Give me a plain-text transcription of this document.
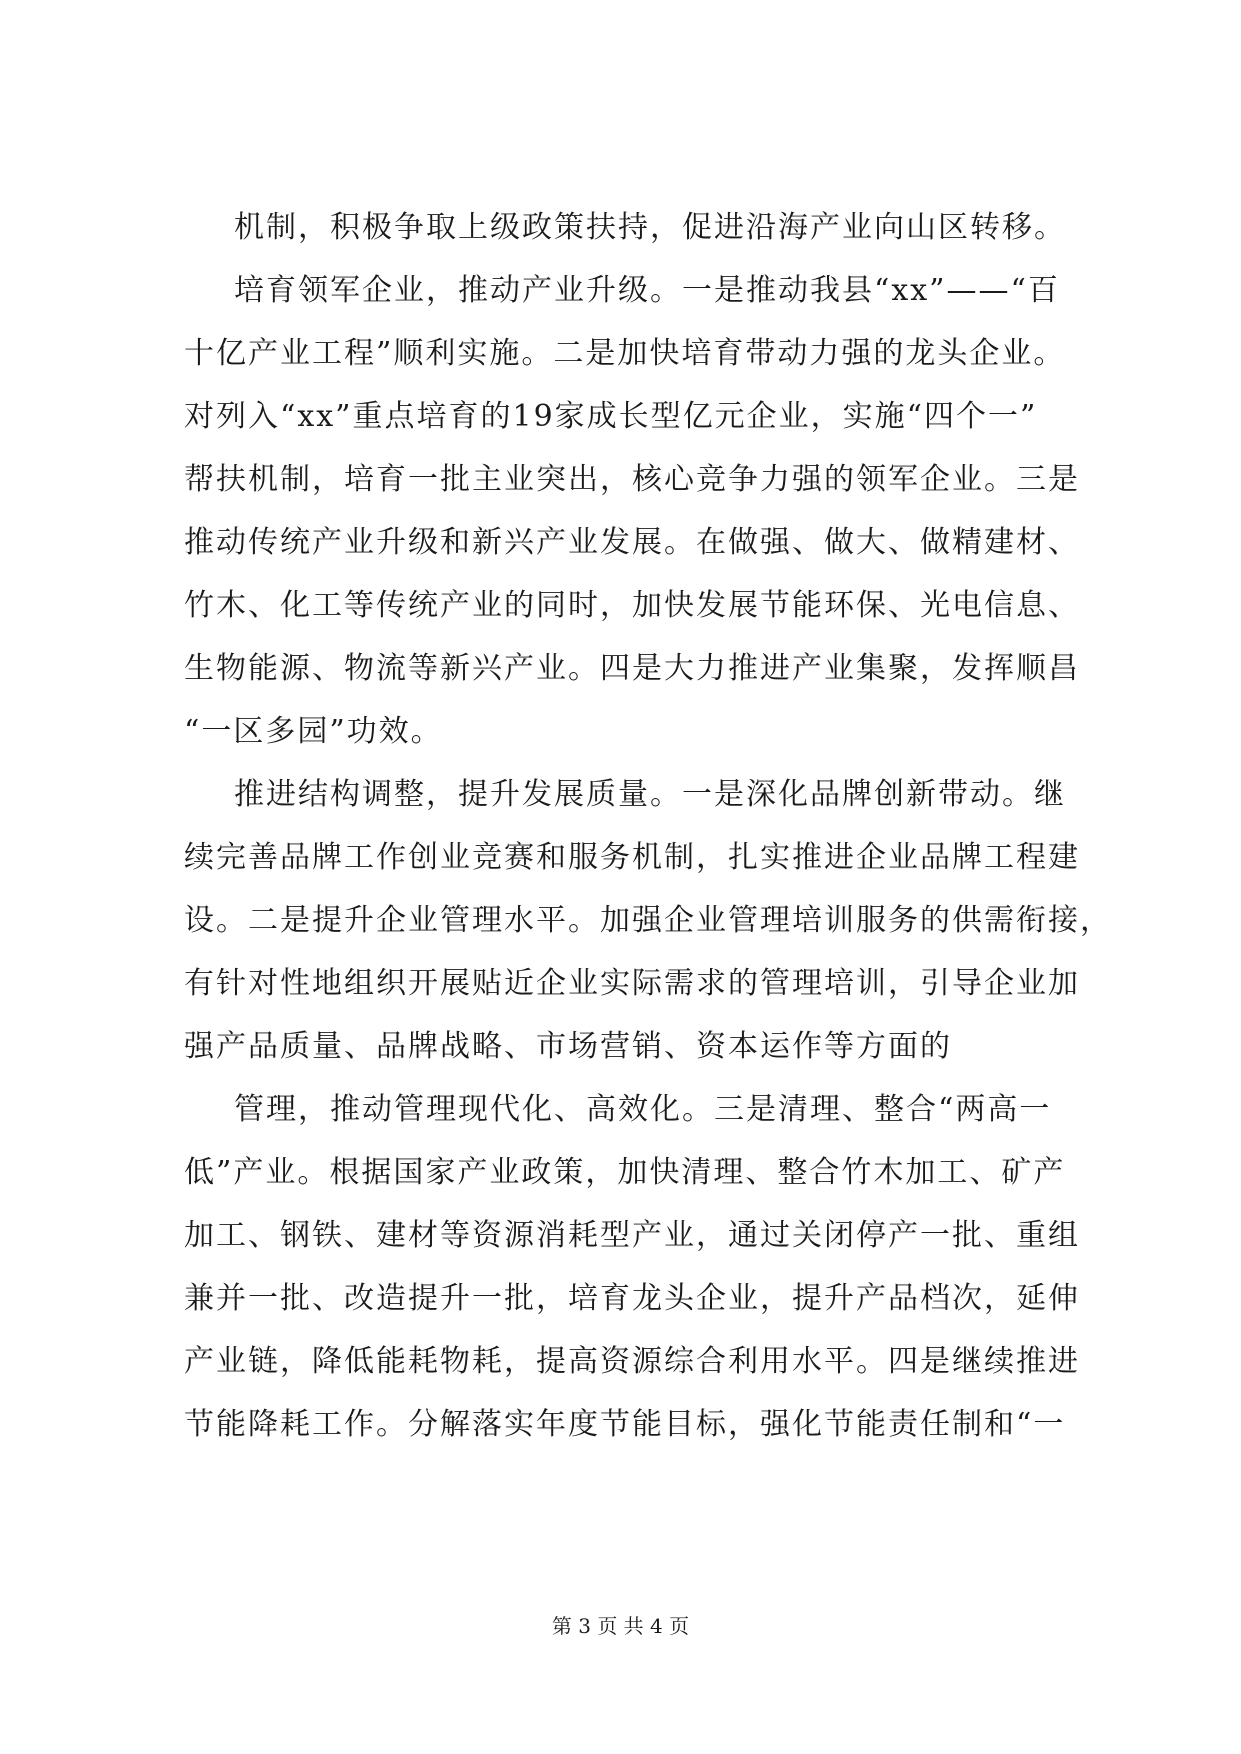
机制，积极争取上级政策扶持，促进沿海产业向山区转移。
培育领军企业，推动产业升级。一是推动我县“xx”——“百
十亿产业工程”顺利实施。二是加快培育带动力强的龙头企业。
对列入“xx”重点培育的19家成长型亿元企业，实施“四个一”
帮扶机制，培育一批主业突出，核心竞争力强的领军企业。三是
推动传统产业升级和新兴产业发展。在做强、做大、做精建材、
竹木、化工等传统产业的同时，加快发展节能环保、光电信息、
生物能源、物流等新兴产业。四是大力推进产业集聚，发挥顺昌
“一区多园”功效。
推进结构调整，提升发展质量。一是深化品牌创新带动。继
续完善品牌工作创业竞赛和服务机制，扎实推进企业品牌工程建
设。二是提升企业管理水平。加强企业管理培训服务的供需衔接，
有针对性地组织开展贴近企业实际需求的管理培训，引导企业加
强产品质量、品牌战略、市场营销、资本运作等方面的
管理，推动管理现代化、高效化。三是清理、整合“两高一
低”产业。根据国家产业政策，加快清理、整合竹木加工、矿产
加工、钢铁、建材等资源消耗型产业，通过关闭停产一批、重组
兼并一批、改造提升一批，培育龙头企业，提升产品档次，延伸
产业链，降低能耗物耗，提高资源综合利用水平。四是继续推进
节能降耗工作。分解落实年度节能目标，强化节能责任制和“一
第 3 页 共 4 页
